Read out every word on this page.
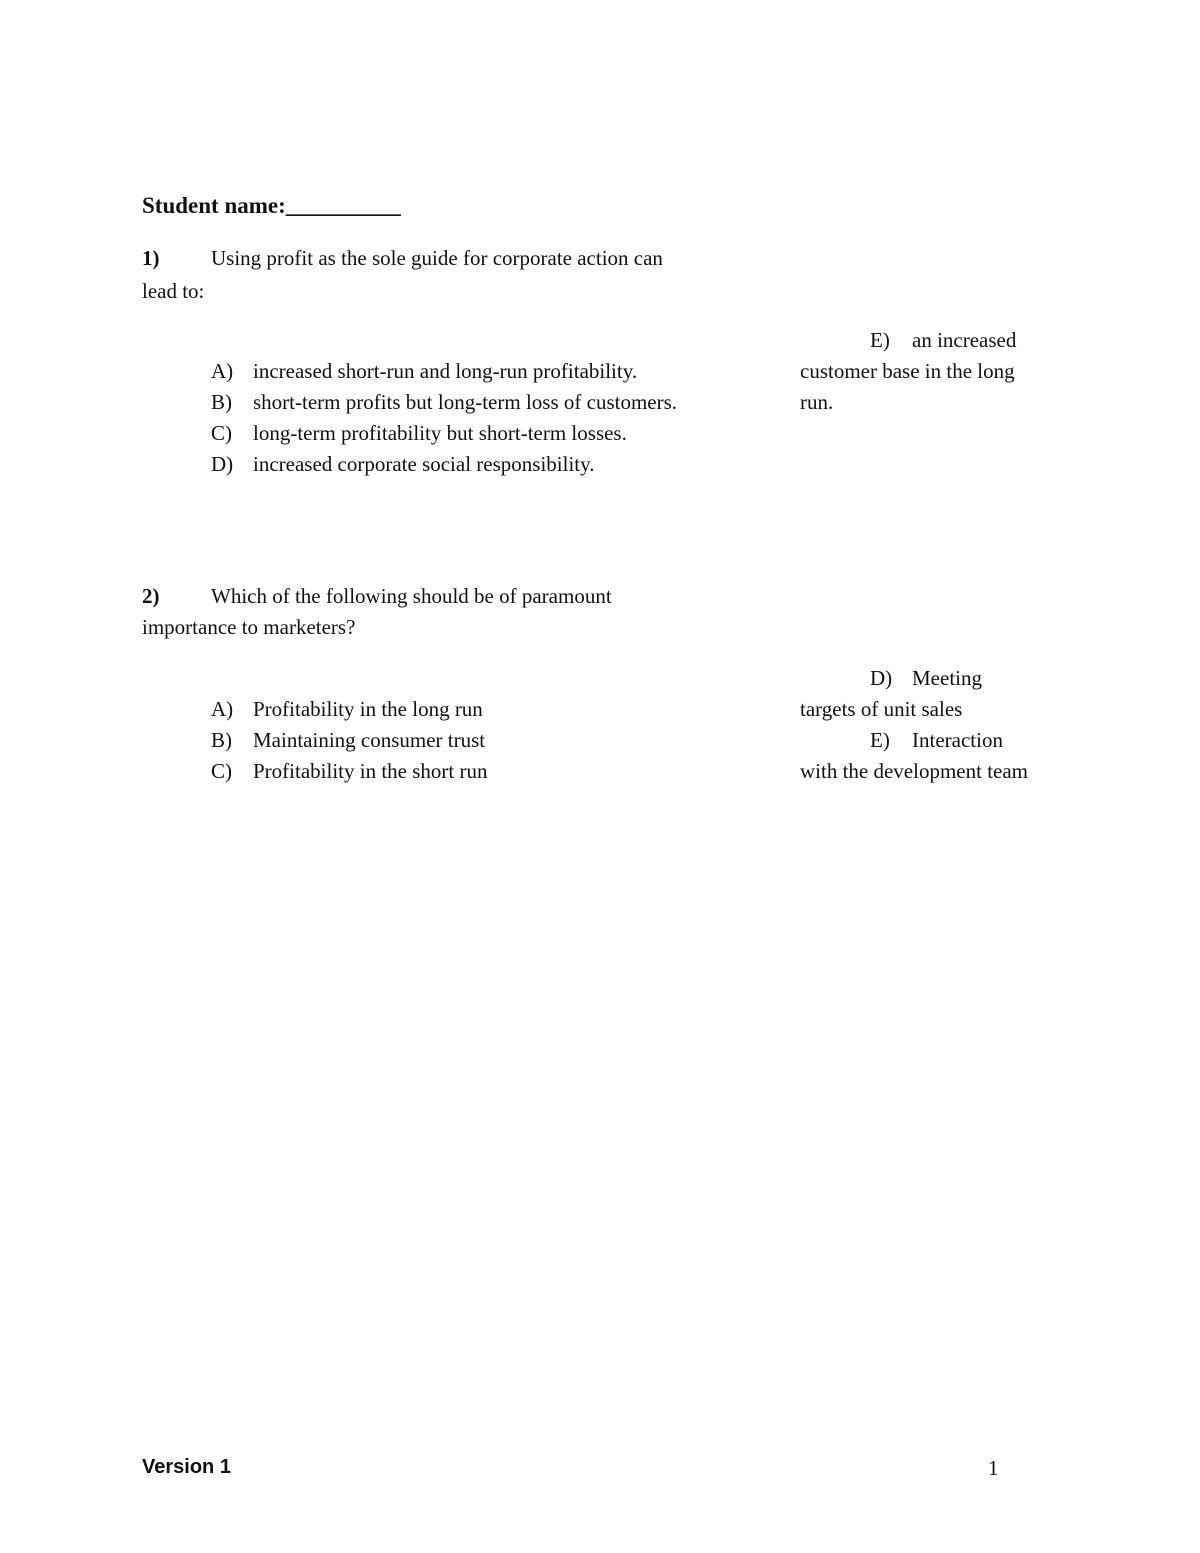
Student name:__________
1) Using profit as the sole guide for corporate action can
lead to:
A) increased short-run and long-run profitability.
B) short-term profits but long-term loss of customers.
C) long-term profitability but short-term losses.
D) increased corporate social responsibility.
E) an increased
customer base in the long
run.
2) Which of the following should be of paramount
importance to marketers?
A) Profitability in the long run
B) Maintaining consumer trust
C) Profitability in the short run
D) Meeting
targets of unit sales
E) Interaction
with the development team
Version 1	1
